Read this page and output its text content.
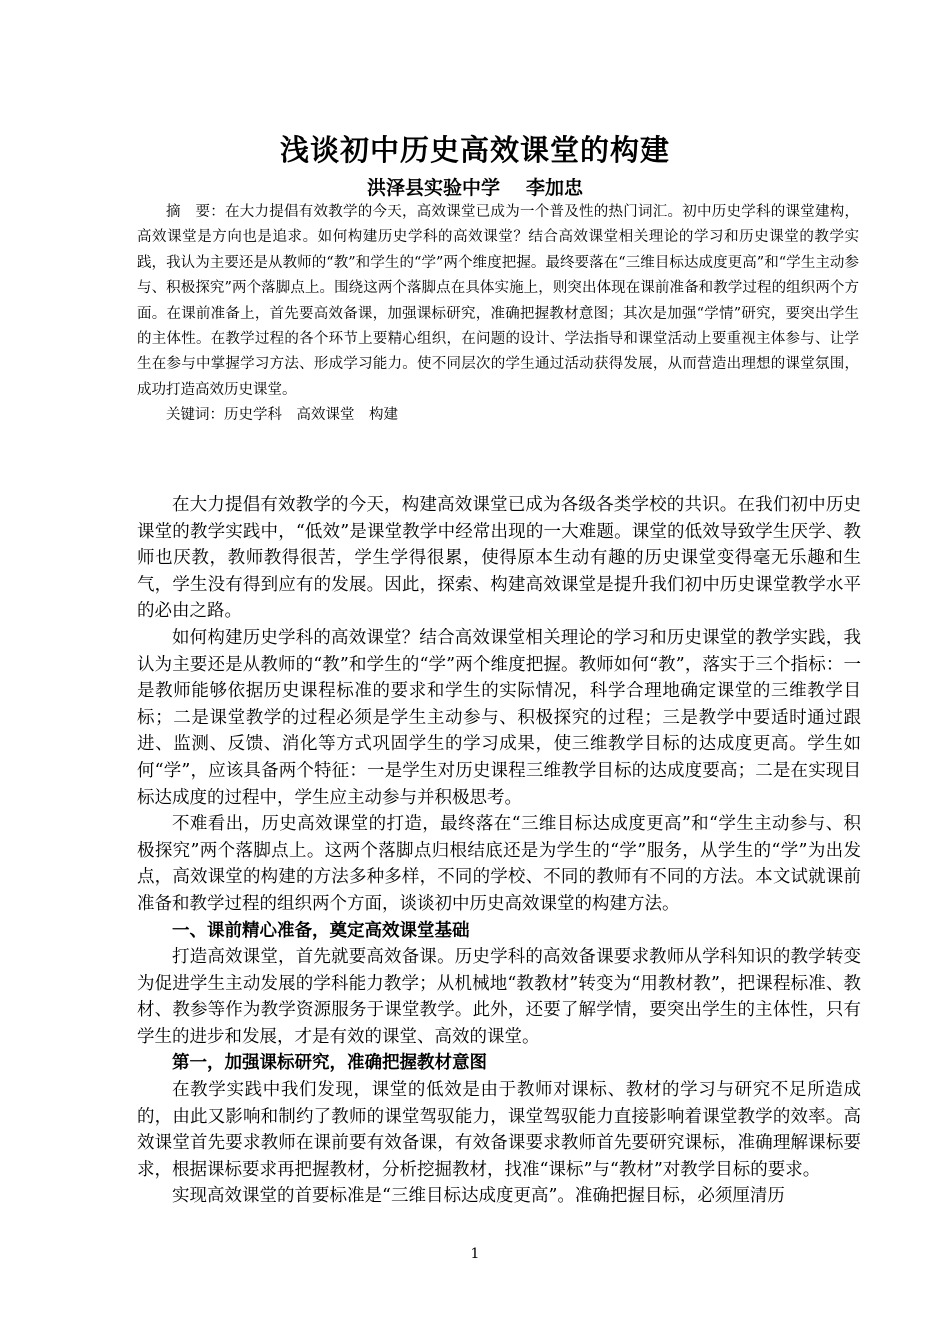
浅谈初中历史高效课堂的构建
洪泽县实验中学 李加忠

摘　要：在大力提倡有效教学的今天，高效课堂已成为一个普及性的热门词汇。初中历史学科的课堂建构，高效课堂是方向也是追求。如何构建历史学科的高效课堂？结合高效课堂相关理论的学习和历史课堂的教学实践，我认为主要还是从教师的“教”和学生的“学”两个维度把握。最终要落在“三维目标达成度更高”和“学生主动参与、积极探究”两个落脚点上。围绕这两个落脚点在具体实施上，则突出体现在课前准备和教学过程的组织两个方面。在课前准备上，首先要高效备课，加强课标研究，准确把握教材意图；其次是加强“学情”研究，要突出学生的主体性。在教学过程的各个环节上要精心组织，在问题的设计、学法指导和课堂活动上要重视主体参与、让学生在参与中掌握学习方法、形成学习能力。使不同层次的学生通过活动获得发展，从而营造出理想的课堂氛围，成功打造高效历史课堂。

关键词：历史学科　高效课堂　构建

在大力提倡有效教学的今天，构建高效课堂已成为各级各类学校的共识。在我们初中历史课堂的教学实践中，“低效”是课堂教学中经常出现的一大难题。课堂的低效导致学生厌学、教师也厌教，教师教得很苦，学生学得很累，使得原本生动有趣的历史课堂变得毫无乐趣和生气，学生没有得到应有的发展。因此，探索、构建高效课堂是提升我们初中历史课堂教学水平的必由之路。

如何构建历史学科的高效课堂？结合高效课堂相关理论的学习和历史课堂的教学实践，我认为主要还是从教师的“教”和学生的“学”两个维度把握。教师如何“教”，落实于三个指标：一是教师能够依据历史课程标准的要求和学生的实际情况，科学合理地确定课堂的三维教学目标；二是课堂教学的过程必须是学生主动参与、积极探究的过程；三是教学中要适时通过跟进、监测、反馈、消化等方式巩固学生的学习成果，使三维教学目标的达成度更高。学生如何“学”，应该具备两个特征：一是学生对历史课程三维教学目标的达成度要高；二是在实现目标达成度的过程中，学生应主动参与并积极思考。

不难看出，历史高效课堂的打造，最终落在“三维目标达成度更高”和“学生主动参与、积极探究”两个落脚点上。这两个落脚点归根结底还是为学生的“学”服务，从学生的“学”为出发点，高效课堂的构建的方法多种多样，不同的学校、不同的教师有不同的方法。本文试就课前准备和教学过程的组织两个方面，谈谈初中历史高效课堂的构建方法。

一、课前精心准备，奠定高效课堂基础

打造高效课堂，首先就要高效备课。历史学科的高效备课要求教师从学科知识的教学转变为促进学生主动发展的学科能力教学；从机械地“教教材”转变为“用教材教”，把课程标准、教材、教参等作为教学资源服务于课堂教学。此外，还要了解学情，要突出学生的主体性，只有学生的进步和发展，才是有效的课堂、高效的课堂。

第一，加强课标研究，准确把握教材意图

在教学实践中我们发现，课堂的低效是由于教师对课标、教材的学习与研究不足所造成的，由此又影响和制约了教师的课堂驾驭能力，课堂驾驭能力直接影响着课堂教学的效率。高效课堂首先要求教师在课前要有效备课，有效备课要求教师首先要研究课标，准确理解课标要求，根据课标要求再把握教材，分析挖掘教材，找准“课标”与“教材”对教学目标的要求。

实现高效课堂的首要标准是“三维目标达成度更高”。准确把握目标，必须厘清历

1
